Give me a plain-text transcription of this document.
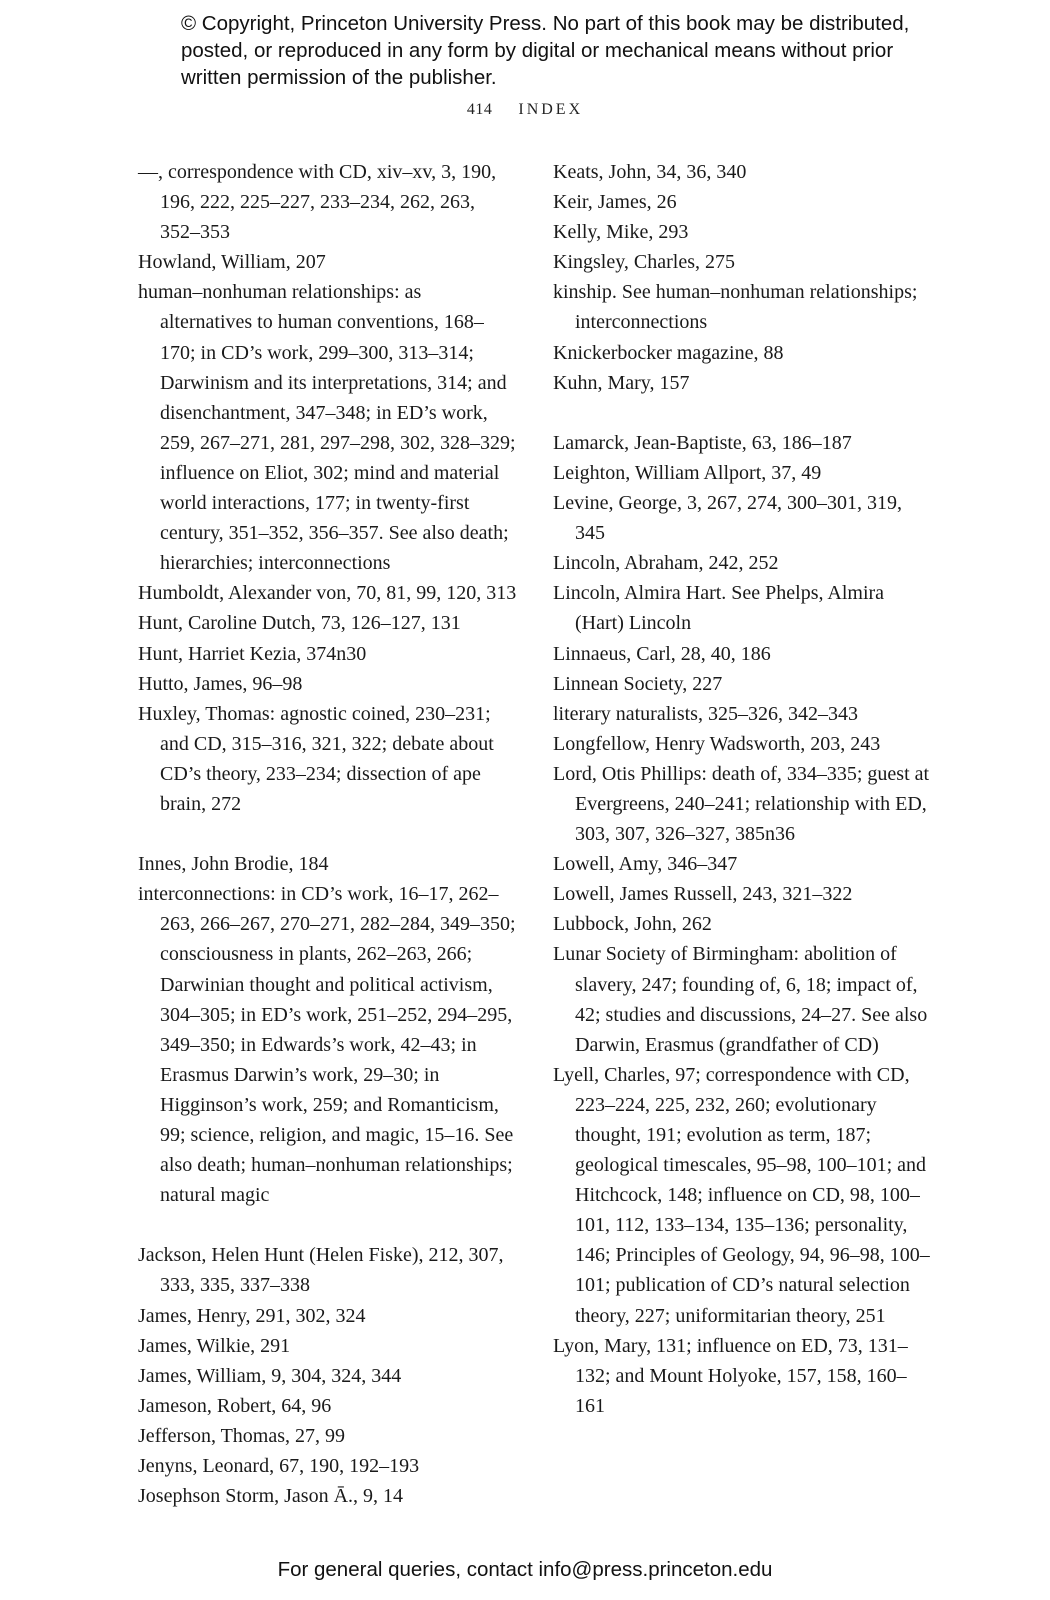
© Copyright, Princeton University Press. No part of this book may be distributed, posted, or reproduced in any form by digital or mechanical means without prior written permission of the publisher.
414 INDEX
—, correspondence with CD, xiv–xv, 3, 190, 196, 222, 225–227, 233–234, 262, 263, 352–353
Howland, William, 207
human–nonhuman relationships: as alternatives to human conventions, 168–170; in CD’s work, 299–300, 313–314; Darwinism and its interpretations, 314; and disenchantment, 347–348; in ED’s work, 259, 267–271, 281, 297–298, 302, 328–329; influence on Eliot, 302; mind and material world interactions, 177; in twenty-first century, 351–352, 356–357. See also death; hierarchies; interconnections
Humboldt, Alexander von, 70, 81, 99, 120, 313
Hunt, Caroline Dutch, 73, 126–127, 131
Hunt, Harriet Kezia, 374n30
Hutto, James, 96–98
Huxley, Thomas: agnostic coined, 230–231; and CD, 315–316, 321, 322; debate about CD’s theory, 233–234; dissection of ape brain, 272
Innes, John Brodie, 184
interconnections: in CD’s work, 16–17, 262–263, 266–267, 270–271, 282–284, 349–350; consciousness in plants, 262–263, 266; Darwinian thought and political activism, 304–305; in ED’s work, 251–252, 294–295, 349–350; in Edwards’s work, 42–43; in Erasmus Darwin’s work, 29–30; in Higginson’s work, 259; and Romanticism, 99; science, religion, and magic, 15–16. See also death; human–nonhuman relationships; natural magic
Jackson, Helen Hunt (Helen Fiske), 212, 307, 333, 335, 337–338
James, Henry, 291, 302, 324
James, Wilkie, 291
James, William, 9, 304, 324, 344
Jameson, Robert, 64, 96
Jefferson, Thomas, 27, 99
Jenyns, Leonard, 67, 190, 192–193
Josephson Storm, Jason Ā., 9, 14
Keats, John, 34, 36, 340
Keir, James, 26
Kelly, Mike, 293
Kingsley, Charles, 275
kinship. See human–nonhuman relationships; interconnections
Knickerbocker magazine, 88
Kuhn, Mary, 157
Lamarck, Jean-Baptiste, 63, 186–187
Leighton, William Allport, 37, 49
Levine, George, 3, 267, 274, 300–301, 319, 345
Lincoln, Abraham, 242, 252
Lincoln, Almira Hart. See Phelps, Almira (Hart) Lincoln
Linnaeus, Carl, 28, 40, 186
Linnean Society, 227
literary naturalists, 325–326, 342–343
Longfellow, Henry Wadsworth, 203, 243
Lord, Otis Phillips: death of, 334–335; guest at Evergreens, 240–241; relationship with ED, 303, 307, 326–327, 385n36
Lowell, Amy, 346–347
Lowell, James Russell, 243, 321–322
Lubbock, John, 262
Lunar Society of Birmingham: abolition of slavery, 247; founding of, 6, 18; impact of, 42; studies and discussions, 24–27. See also Darwin, Erasmus (grandfather of CD)
Lyell, Charles, 97; correspondence with CD, 223–224, 225, 232, 260; evolutionary thought, 191; evolution as term, 187; geological timescales, 95–98, 100–101; and Hitchcock, 148; influence on CD, 98, 100–101, 112, 133–134, 135–136; personality, 146; Principles of Geology, 94, 96–98, 100–101; publication of CD’s natural selection theory, 227; uniformitarian theory, 251
Lyon, Mary, 131; influence on ED, 73, 131–132; and Mount Holyoke, 157, 158, 160–161
For general queries, contact info@press.princeton.edu
